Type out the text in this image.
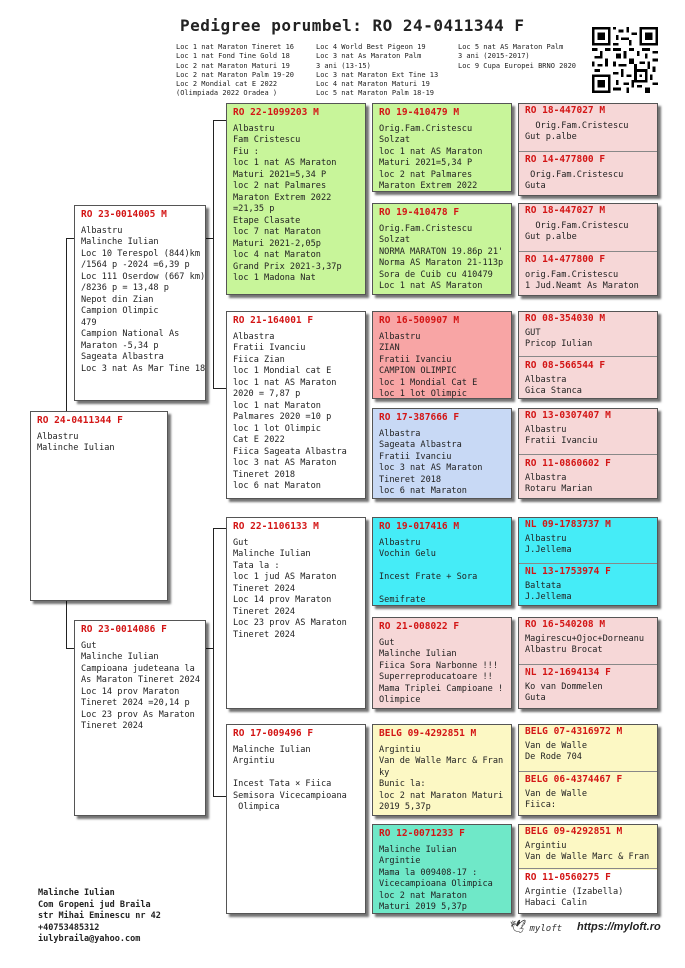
Pedigree porumbel: RO 24-0411344 F
Loc 1 nat Maraton Tineret 16
Loc 1 nat Fond Tine Gold 18
Loc 2 nat Maraton Maturi 19
Loc 2 nat Maraton Palm 19-20
Loc 2 Mondial cat E 2022
(Olimpiada 2022 Oradea )
Loc 4 World Best Pigeon 19
Loc 3 nat As Maraton Palm
3 ani (13-15)
Loc 3 nat Maraton Ext Tine 13
Loc 4 nat Maraton Maturi 19
Loc 5 nat Maraton Palm 18-19
Loc 5 nat AS Maraton Palm
3 ani (2015-2017)
Loc 9 Cupa Europei BRNO 2020
RO 24-0411344 F
Albastru
Malinche Iulian
RO 23-0014005 M
Albastru
Malinche Iulian
Loc 10 Terespol (844)km
/1564 p -2024 =6,39 p
Loc 111 Oserdow (667 km)
/8236 p = 13,48 p
Nepot din Zian
Campion Olimpic
479
Campion National As
Maraton -5,34 p
Sageata Albastra
Loc 3 nat As Mar Tine 18
RO 23-0014086 F
Gut
Malinche Iulian
Campioana judeteana la
As Maraton Tineret 2024
Loc 14 prov Maraton
Tineret 2024 =20,14 p
Loc 23 prov As Maraton
Tineret 2024
RO 22-1099203 M
Albastru
Fam Cristescu
Fiu :
loc 1 nat AS Maraton
Maturi 2021=5,34 P
loc 2 nat Palmares
Maraton Extrem 2022
=21,35 p
Etape Clasate
loc 7 nat Maraton
Maturi 2021-2,05p
loc 4 nat Maraton
Grand Prix 2021-3,37p
loc 1 Madona Nat
RO 21-164001 F
Albastra
Fratii Ivanciu
Fiica Zian
loc 1 Mondial cat E
loc 1 nat AS Maraton
2020 = 7,87 p
loc 1 nat Maraton
Palmares 2020 =10 p
loc 1 lot Olimpic
Cat E 2022
Fiica Sageata Albastra
loc 3 nat AS Maraton
Tineret 2018
loc 6 nat Maraton
RO 22-1106133 M
Gut
Malinche Iulian
Tata la :
loc 1 jud AS Maraton
Tineret 2024
Loc 14 prov Maraton
Tineret 2024
Loc 23 prov AS Maraton
Tineret 2024
RO 17-009496 F
Malinche Iulian
Argintiu
Incest Tata × Fiica
Semisora Vicecampioana
Olimpica
RO 19-410479 M
Orig.Fam.Cristescu
Solzat
loc 1 nat AS Maraton
Maturi 2021=5,34 P
loc 2 nat Palmares
Maraton Extrem 2022
RO 19-410478 F
Orig.Fam.Cristescu
Solzat
NORMA MARATON 19.86p 21'
Norma AS Maraton 21-113p
Sora de Cuib cu 410479
Loc 1 nat AS Maraton
RO 16-500907 M
Albastru
ZIAN
Fratii Ivanciu
CAMPION OLIMPIC
loc 1 Mondial Cat E
loc 1 lot Olimpic
RO 17-387666 F
Albastra
Sageata Albastra
Fratii Ivanciu
loc 3 nat AS Maraton
Tineret 2018
loc 6 nat Maraton
RO 19-017416 M
Albastru
Vochin Gelu
Incest Frate + Sora
Semifrate
RO 21-008022 F
Gut
Malinche Iulian
Fiica Sora Narbonne !!!
Superreproducatoare !!
Mama Triplei Campioane !
Olimpice
BELG 09-4292851 M
Argintiu
Van de Walle Marc & Fran
ky
Bunic la:
loc 2 nat Maraton Maturi
2019 5,37p
RO 12-0071233 F
Malinche Iulian
Argintie
Mama la 009408-17 :
Vicecampioana Olimpica
loc 2 nat Maraton
Maturi 2019 5,37p
RO 18-447027 M
Orig.Fam.Cristescu
Gut p.albe
RO 14-477800 F
Orig.Fam.Cristescu
Guta
RO 18-447027 M
Orig.Fam.Cristescu
Gut p.albe
RO 14-477800 F
orig.Fam.Cristescu
1 Jud.Neamt As Maraton
RO 08-354030 M
GUT
Pricop Iulian
RO 08-566544 F
Albastra
Gica Stanca
RO 13-0307407 M
Albastru
Fratii Ivanciu
RO 11-0860602 F
Albastra
Rotaru Marian
NL 09-1783737 M
Albastru
J.Jellema
NL 13-1753974 F
Baltata
J.Jellema
RO 16-540208 M
Magirescu+Ojoc+Dorneanu
Albastru Brocat
NL 12-1694134 F
Ko van Dommelen
Guta
BELG 07-4316972 M
Van de Walle
De Rode 704
BELG 06-4374467 F
Van de Walle
Fiica:
BELG 09-4292851 M
Argintiu
Van de Walle Marc & Fran
RO 11-0560275 F
Argintie (Izabella)
Habaci Calin
Malinche Iulian
Com Gropeni jud Braila
str Mihai Eminescu nr 42
+40753485312
iulybraila@yahoo.com
🕊 myloft https://myloft.ro
